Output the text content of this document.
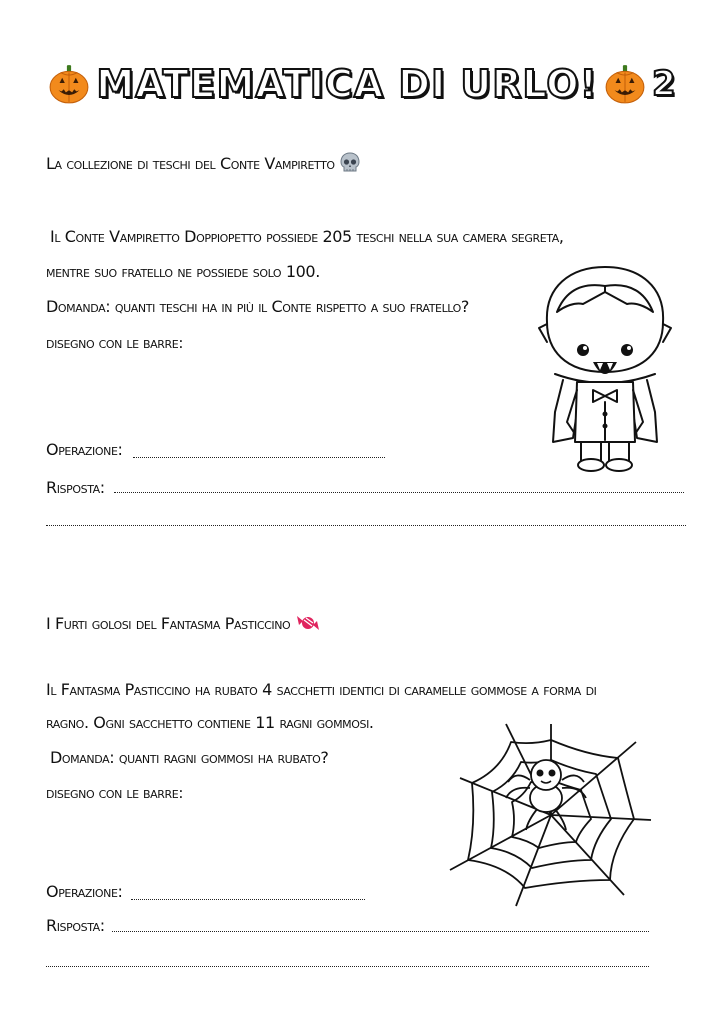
MATEMATICA DI URLO! 2
La collezione di teschi del Conte Vampiretto
Il Conte Vampiretto Doppiopetto possiede 205 teschi nella sua camera segreta,
mentre suo fratello ne possiede solo 100.
Domanda: quanti teschi ha in più il Conte rispetto a suo fratello?
disegno con le barre:
Operazione:
Risposta:
I Furti golosi del Fantasma Pasticcino
Il Fantasma Pasticcino ha rubato 4 sacchetti identici di caramelle gommose a forma di
ragno. Ogni sacchetto contiene 11 ragni gommosi.
Domanda: quanti ragni gommosi ha rubato?
disegno con le barre:
Operazione:
Risposta:
